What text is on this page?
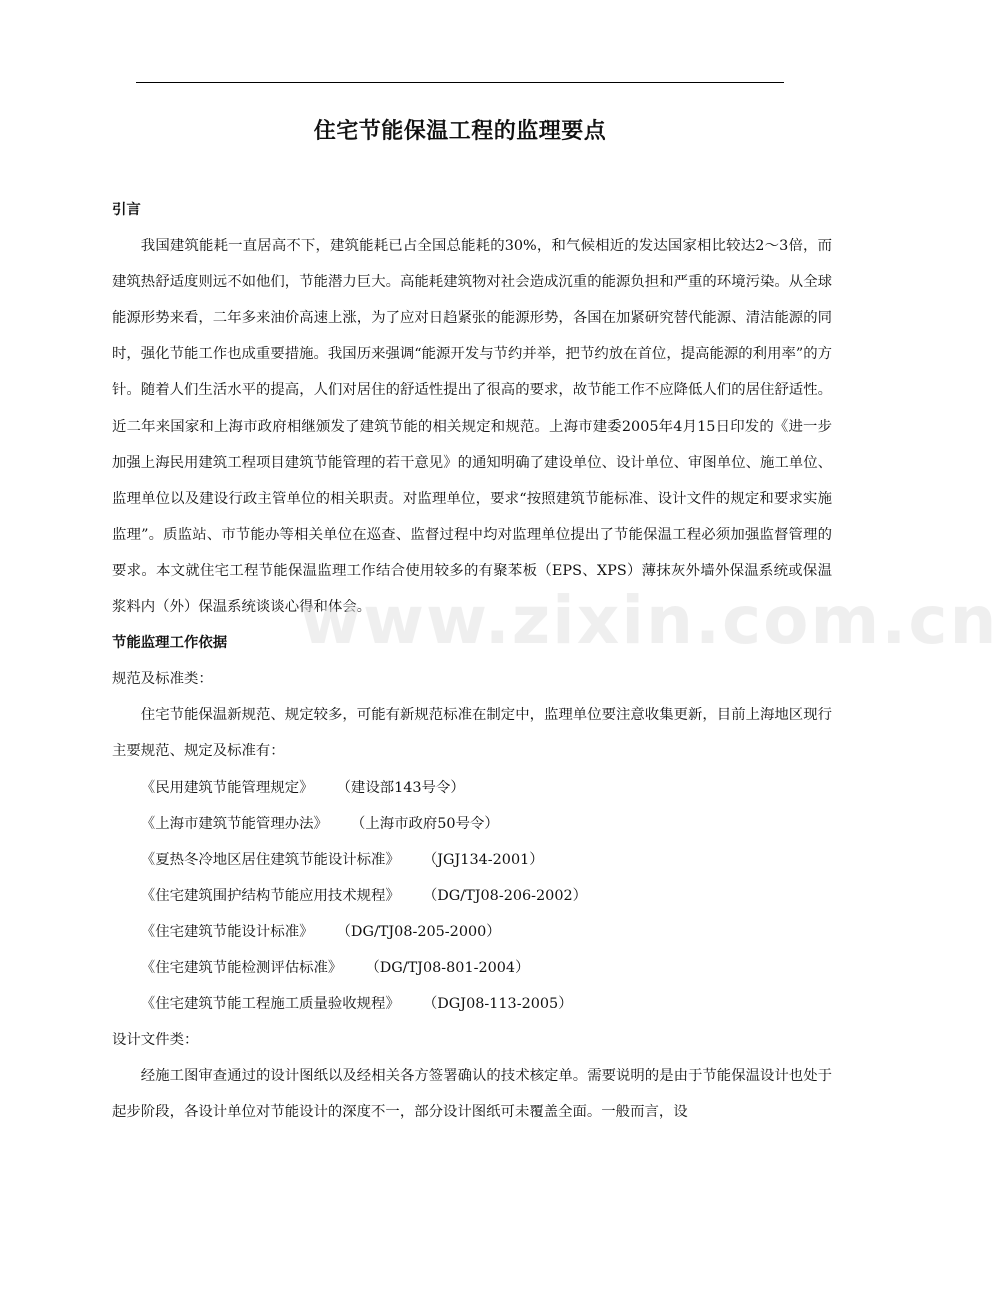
住宅节能保温工程的监理要点

引言

我国建筑能耗一直居高不下，建筑能耗已占全国总能耗的30%，和气候相近的发达国家相比较达2～3倍，而建筑热舒适度则远不如他们，节能潜力巨大。高能耗建筑物对社会造成沉重的能源负担和严重的环境污染。从全球能源形势来看，二年多来油价高速上涨，为了应对日趋紧张的能源形势，各国在加紧研究替代能源、清洁能源的同时，强化节能工作也成重要措施。我国历来强调“能源开发与节约并举，把节约放在首位，提高能源的利用率”的方针。随着人们生活水平的提高，人们对居住的舒适性提出了很高的要求，故节能工作不应降低人们的居住舒适性。近二年来国家和上海市政府相继颁发了建筑节能的相关规定和规范。上海市建委2005年4月15日印发的《进一步加强上海民用建筑工程项目建筑节能管理的若干意见》的通知明确了建设单位、设计单位、审图单位、施工单位、监理单位以及建设行政主管单位的相关职责。对监理单位，要求“按照建筑节能标准、设计文件的规定和要求实施监理”。质监站、市节能办等相关单位在巡查、监督过程中均对监理单位提出了节能保温工程必须加强监督管理的要求。本文就住宅工程节能保温监理工作结合使用较多的有聚苯板（EPS、XPS）薄抹灰外墙外保温系统或保温浆料内（外）保温系统谈谈心得和体会。

节能监理工作依据

规范及标准类：

住宅节能保温新规范、规定较多，可能有新规范标准在制定中，监理单位要注意收集更新，目前上海地区现行主要规范、规定及标准有：

《民用建筑节能管理规定》 （建设部143号令）

《上海市建筑节能管理办法》 （上海市政府50号令）

《夏热冬冷地区居住建筑节能设计标准》 （JGJ134-2001）

《住宅建筑围护结构节能应用技术规程》 （DG/TJ08-206-2002）

《住宅建筑节能设计标准》 （DG/TJ08-205-2000）

《住宅建筑节能检测评估标准》 （DG/TJ08-801-2004）

《住宅建筑节能工程施工质量验收规程》 （DGJ08-113-2005）

设计文件类：

经施工图审查通过的设计图纸以及经相关各方签署确认的技术核定单。需要说明的是由于节能保温设计也处于起步阶段，各设计单位对节能设计的深度不一，部分设计图纸可未覆盖全面。一般而言，设

www.zixin.com.cn
